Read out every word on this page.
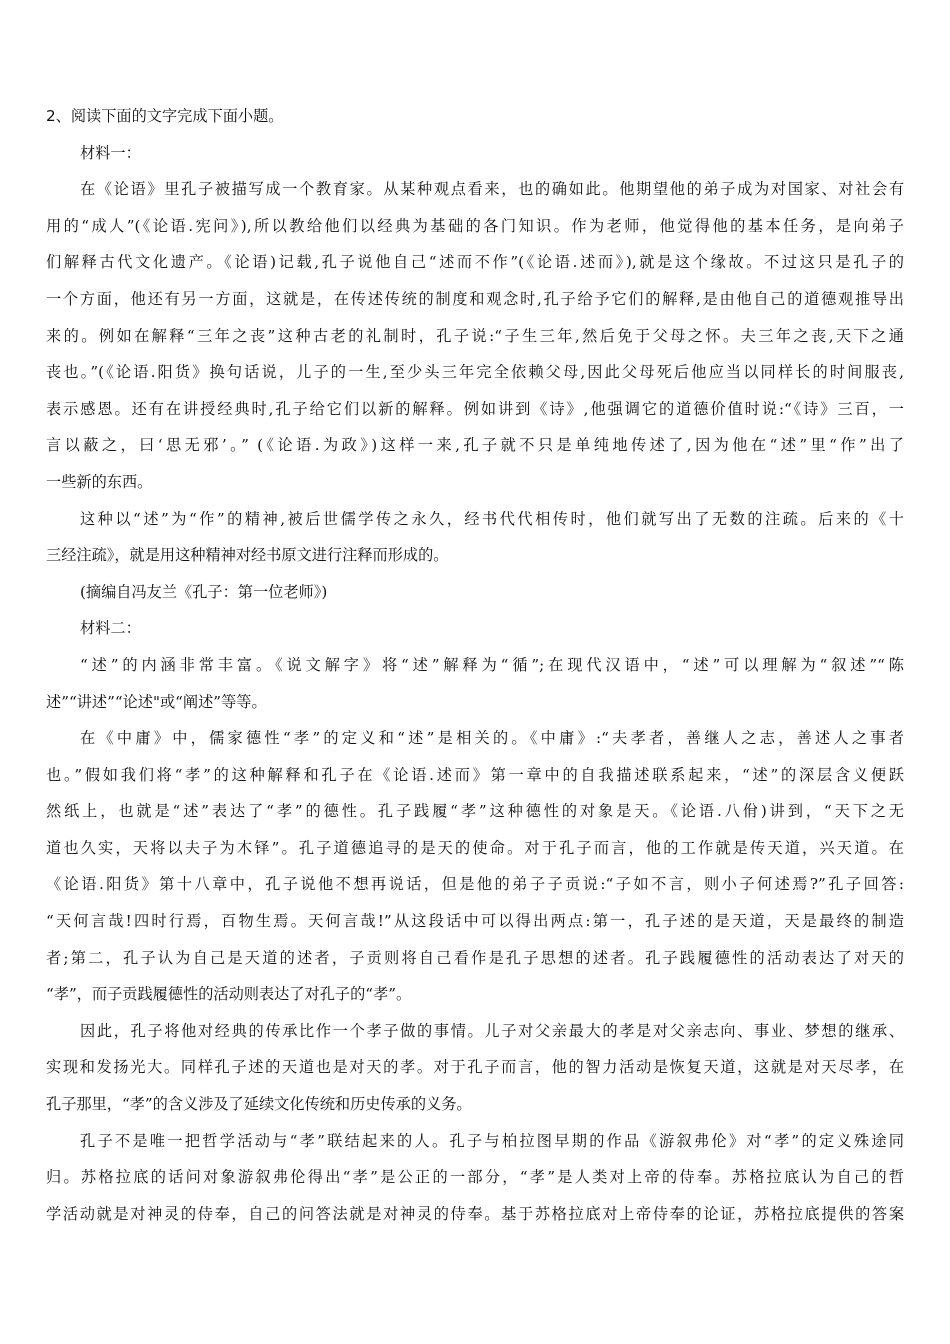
2、阅读下面的文字完成下面小题。
材料一：
在《论语》里孔子被描写成一个教育家。从某种观点看来，也的确如此。他期望他的弟子成为对国家、对社会有
用的“成人”(《论语.宪问》),所以教给他们以经典为基础的各门知识。作为老师，他觉得他的基本任务，是向弟子
们解释古代文化遗产。《论语)记载,孔子说他自己“述而不作”(《论语.述而》),就是这个缘故。不过这只是孔子的
一个方面，他还有另一方面，这就是，在传述传统的制度和观念时,孔子给予它们的解释,是由他自己的道德观推导出
来的。例如在解释“三年之丧”这种古老的礼制时，孔子说:“子生三年,然后免于父母之怀。夫三年之丧,天下之通
丧也。”(《论语.阳货》换句话说，儿子的一生,至少头三年完全依赖父母,因此父母死后他应当以同样长的时间服丧,
表示感恩。还有在讲授经典时,孔子给它们以新的解释。例如讲到《诗》,他强调它的道德价值时说:“《诗》三百，一
言以蔽之，曰‘思无邪’。” (《论语.为政》)这样一来,孔子就不只是单纯地传述了,因为他在“述”里“作”出了
一些新的东西。
这种以“述”为“作”的精神,被后世儒学传之永久，经书代代相传时，他们就写出了无数的注疏。后来的《十
三经注疏》，就是用这种精神对经书原文进行注释而形成的。
(摘编自冯友兰《孔子：第一位老师》)
材料二：
“述”的内涵非常丰富。《说文解字》将“述”解释为“循”;在现代汉语中，“述”可以理解为“叙述”“陈
述”“讲述”“论述"或“阐述”等等。
在《中庸》中，儒家德性“孝”的定义和“述”是相关的。《中庸》:“夫孝者，善继人之志，善述人之事者
也。”假如我们将“孝”的这种解释和孔子在《论语.述而》第一章中的自我描述联系起来，“述”的深层含义便跃
然纸上，也就是“述”表达了“孝”的德性。孔子践履“孝”这种德性的对象是天。《论语.八佾)讲到，“天下之无
道也久实，天将以夫子为木铎”。孔子道德追寻的是天的使命。对于孔子而言，他的工作就是传天道，兴天道。在
《论语.阳货》第十八章中，孔子说他不想再说话，但是他的弟子子贡说:“子如不言，则小子何述焉?”孔子回答:
“天何言哉!四时行焉，百物生焉。天何言哉!”从这段话中可以得出两点:第一，孔子述的是天道，天是最终的制造
者;第二，孔子认为自己是天道的述者，子贡则将自己看作是孔子思想的述者。孔子践履德性的活动表达了对天的
“孝”，而子贡践履德性的活动则表达了对孔子的“孝”。
因此，孔子将他对经典的传承比作一个孝子做的事情。儿子对父亲最大的孝是对父亲志向、事业、梦想的继承、
实现和发扬光大。同样孔子述的天道也是对天的孝。对于孔子而言，他的智力活动是恢复天道，这就是对天尽孝，在
孔子那里，“孝”的含义涉及了延续文化传统和历史传承的义务。
孔子不是唯一把哲学活动与“孝”联结起来的人。孔子与柏拉图早期的作品《游叙弗伦》对“孝”的定义殊途同
归。苏格拉底的话问对象游叙弗伦得出“孝”是公正的一部分，“孝”是人类对上帝的侍奉。苏格拉底认为自己的哲
学活动就是对神灵的侍奉，自己的问答法就是对神灵的侍奉。基于苏格拉底对上帝侍奉的论证，苏格拉底提供的答案
